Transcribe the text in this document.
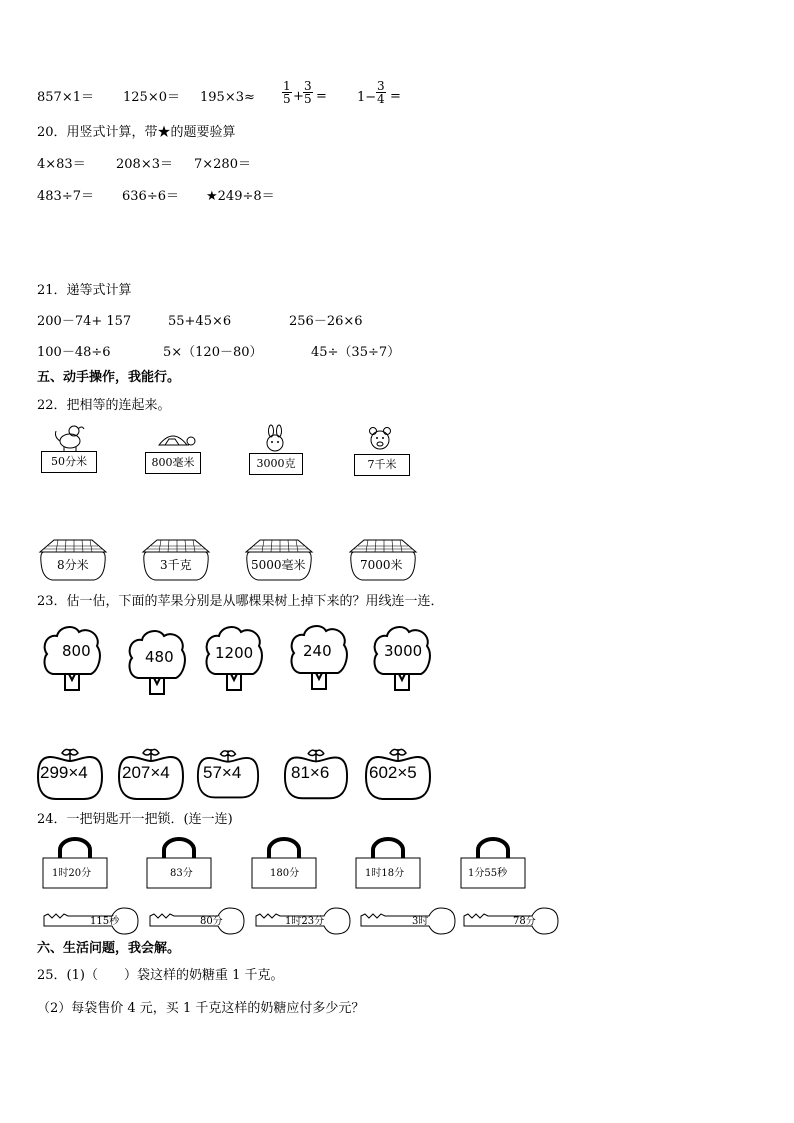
$857\times 1= 125\times 0= 195\times 3\approx \frac{1}{5} + \frac{3}{5} = 1- \frac{3}{4}$ =
20．用竖式计算，带★的题要验算
4×83＝ 208×3＝ 7×280＝
483÷7＝ 636÷6＝ ★249÷8＝
21．递等式计算
200－74+ 157	55+45×6	256－26×6
100－48÷6	5×（120－80）	45÷（35÷7）
五、动手操作，我能行。
22．把相等的连起来。
50分米	800毫米	3000克	7千米
8分米	3千克	5000毫米	7000米
23．估一估，下面的苹果分别是从哪棵果树上掉下来的？用线连一连．
800	480	1200	240	3000
299×4 207×4 57×4	81×6 602×5
24．一把钥匙开一把锁．(连一连)
1时20分	83分	180分	1时18分	1分55秒
115秒	80分	1时23分	3时	78分
六、生活问题，我会解。
25．(1)（　　）袋这样的奶糖重 1 千克。
（2）每袋售价 4 元，买 1 千克这样的奶糖应付多少元？
